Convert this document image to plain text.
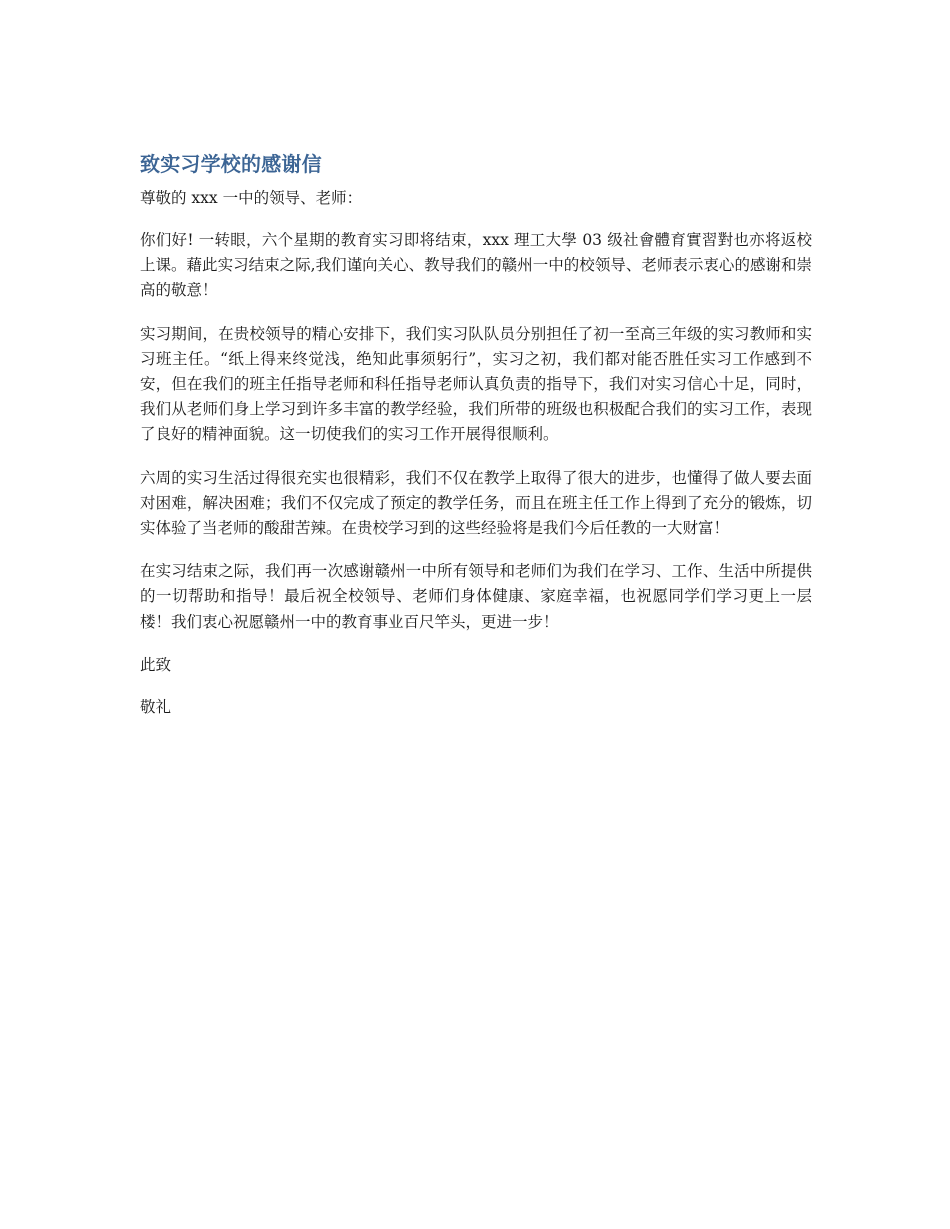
致实习学校的感谢信

尊敬的 xxx 一中的领导、老师：

你们好! 一转眼，六个星期的教育实习即将结束，xxx 理工大學 03 级社會體育實習對也亦将返校上课。藉此实习结束之际,我们谨向关心、教导我们的赣州一中的校领导、老师表示衷心的感谢和崇高的敬意！

实习期间，在贵校领导的精心安排下，我们实习队队员分别担任了初一至高三年级的实习教师和实习班主任。“纸上得来终觉浅，绝知此事须躬行”，实习之初，我们都对能否胜任实习工作感到不安，但在我们的班主任指导老师和科任指导老师认真负责的指导下，我们对实习信心十足，同时，我们从老师们身上学习到许多丰富的教学经验，我们所带的班级也积极配合我们的实习工作，表现了良好的精神面貌。这一切使我们的实习工作开展得很顺利。

六周的实习生活过得很充实也很精彩，我们不仅在教学上取得了很大的进步，也懂得了做人要去面对困难，解决困难；我们不仅完成了预定的教学任务，而且在班主任工作上得到了充分的锻炼，切实体验了当老师的酸甜苦辣。在贵校学习到的这些经验将是我们今后任教的一大财富！

在实习结束之际，我们再一次感谢赣州一中所有领导和老师们为我们在学习、工作、生活中所提供的一切帮助和指导！最后祝全校领导、老师们身体健康、家庭幸福，也祝愿同学们学习更上一层楼！我们衷心祝愿赣州一中的教育事业百尺竿头，更进一步！

此致

敬礼
